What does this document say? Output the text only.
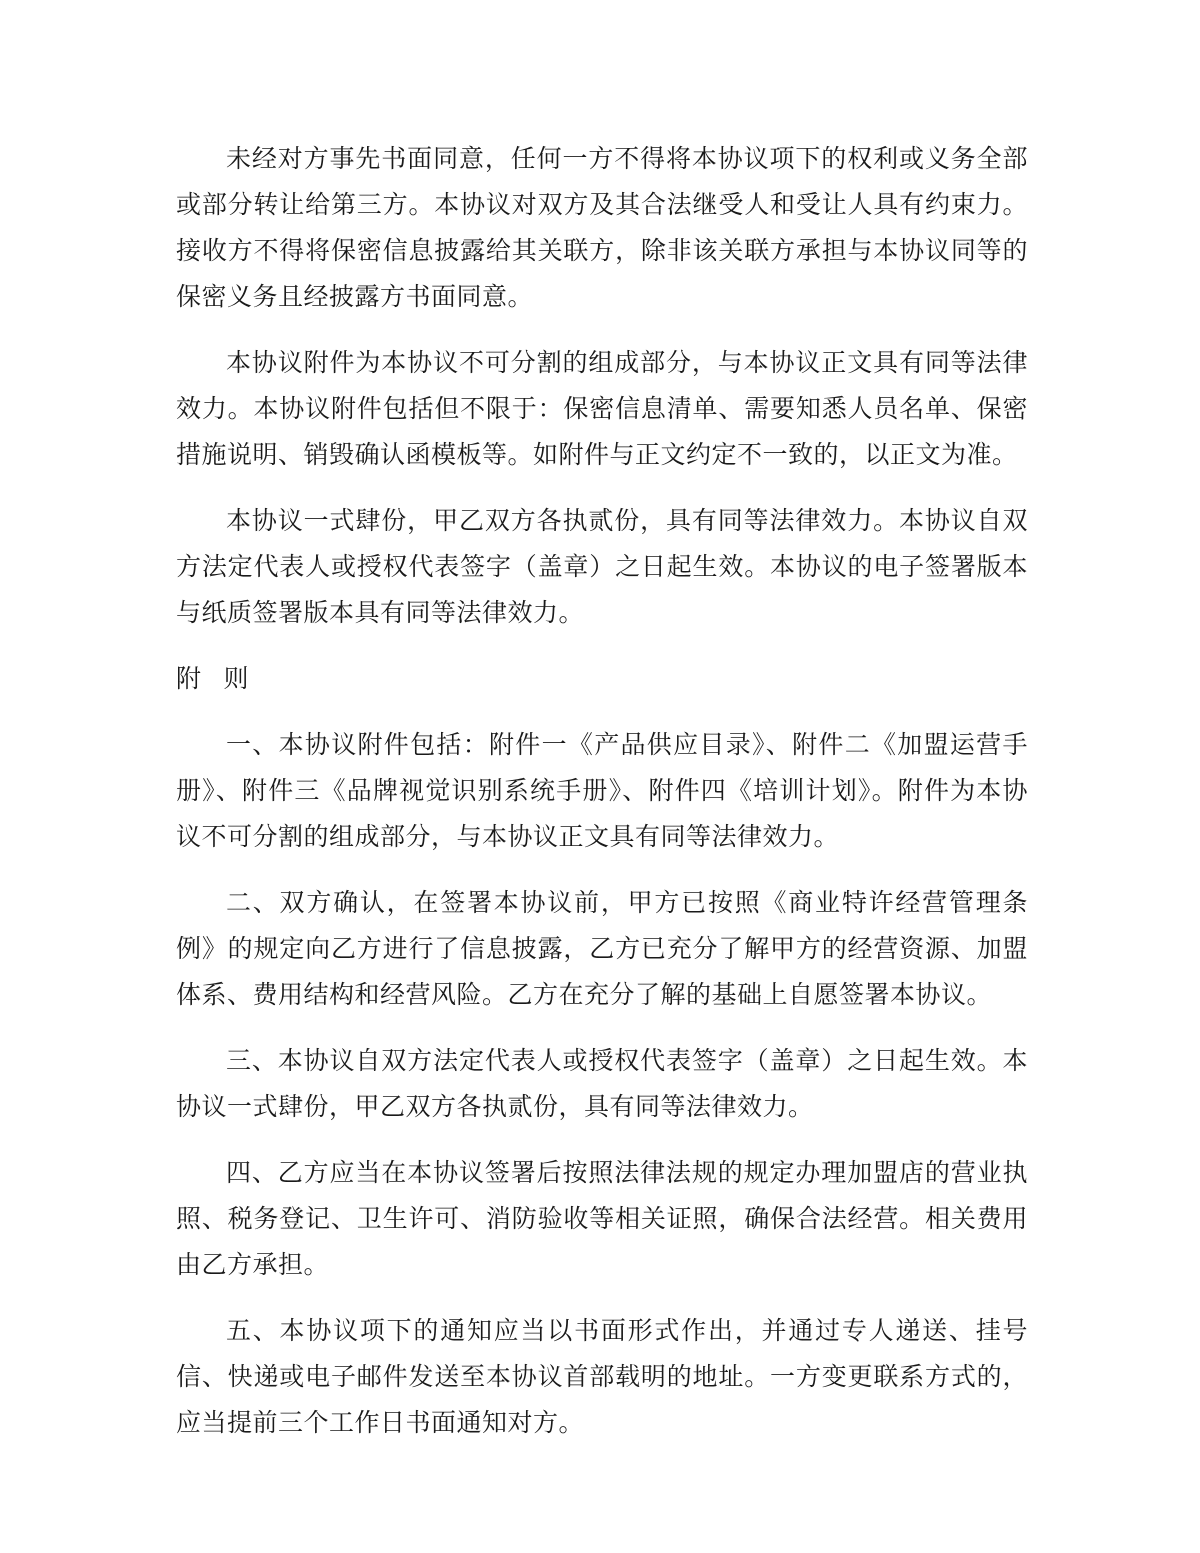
未经对方事先书面同意，任何一方不得将本协议项下的权利或义务全部或部分转让给第三方。本协议对双方及其合法继受人和受让人具有约束力。接收方不得将保密信息披露给其关联方，除非该关联方承担与本协议同等的保密义务且经披露方书面同意。

本协议附件为本协议不可分割的组成部分，与本协议正文具有同等法律效力。本协议附件包括但不限于：保密信息清单、需要知悉人员名单、保密措施说明、销毁确认函模板等。如附件与正文约定不一致的，以正文为准。

本协议一式肆份，甲乙双方各执贰份，具有同等法律效力。本协议自双方法定代表人或授权代表签字（盖章）之日起生效。本协议的电子签署版本与纸质签署版本具有同等法律效力。

附 则

一、本协议附件包括：附件一《产品供应目录》、附件二《加盟运营手册》、附件三《品牌视觉识别系统手册》、附件四《培训计划》。附件为本协议不可分割的组成部分，与本协议正文具有同等法律效力。

二、双方确认，在签署本协议前，甲方已按照《商业特许经营管理条例》的规定向乙方进行了信息披露，乙方已充分了解甲方的经营资源、加盟体系、费用结构和经营风险。乙方在充分了解的基础上自愿签署本协议。

三、本协议自双方法定代表人或授权代表签字（盖章）之日起生效。本协议一式肆份，甲乙双方各执贰份，具有同等法律效力。

四、乙方应当在本协议签署后按照法律法规的规定办理加盟店的营业执照、税务登记、卫生许可、消防验收等相关证照，确保合法经营。相关费用由乙方承担。

五、本协议项下的通知应当以书面形式作出，并通过专人递送、挂号信、快递或电子邮件发送至本协议首部载明的地址。一方变更联系方式的，应当提前三个工作日书面通知对方。
